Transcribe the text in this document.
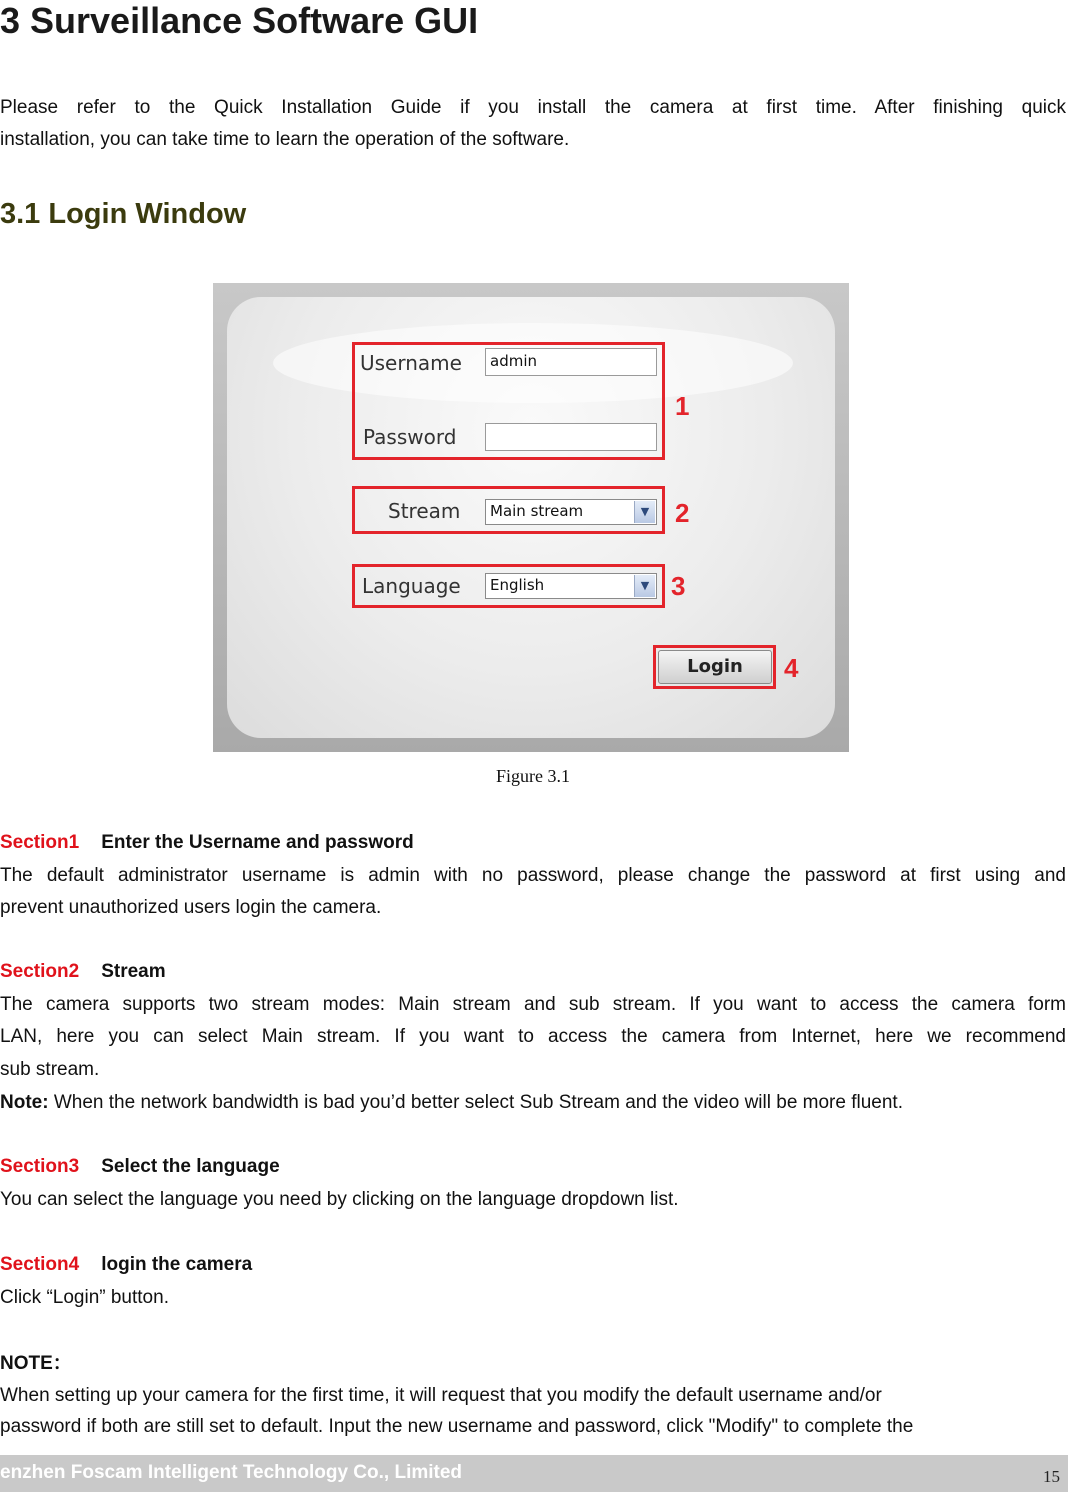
3 Surveillance Software GUI

Please refer to the Quick Installation Guide if you install the camera at first time. After finishing quick

installation, you can take time to learn the operation of the software.

3.1 Login Window
Username	admin
Password
1
Stream	Main stream	▼ 2
Language	English	▼ 3
Login	4
Figure 3.1
Section1 Enter the Username and password

The default administrator username is admin with no password, please change the password at first using and

prevent unauthorized users login the camera.

Section2 Stream

The camera supports two stream modes: Main stream and sub stream. If you want to access the camera form

LAN, here you can select Main stream. If you want to access the camera from Internet, here we recommend

sub stream.

Note: When the network bandwidth is bad you’d better select Sub Stream and the video will be more fluent.

Section3 Select the language

You can select the language you need by clicking on the language dropdown list.

Section4 login the camera

Click “Login” button.

NOTE：

When setting up your camera for the first time, it will request that you modify the default username and/or

password if both are still set to default. Input the new username and password, click "Modify" to complete the

enzhen Foscam Intelligent Technology Co., Limited	15
